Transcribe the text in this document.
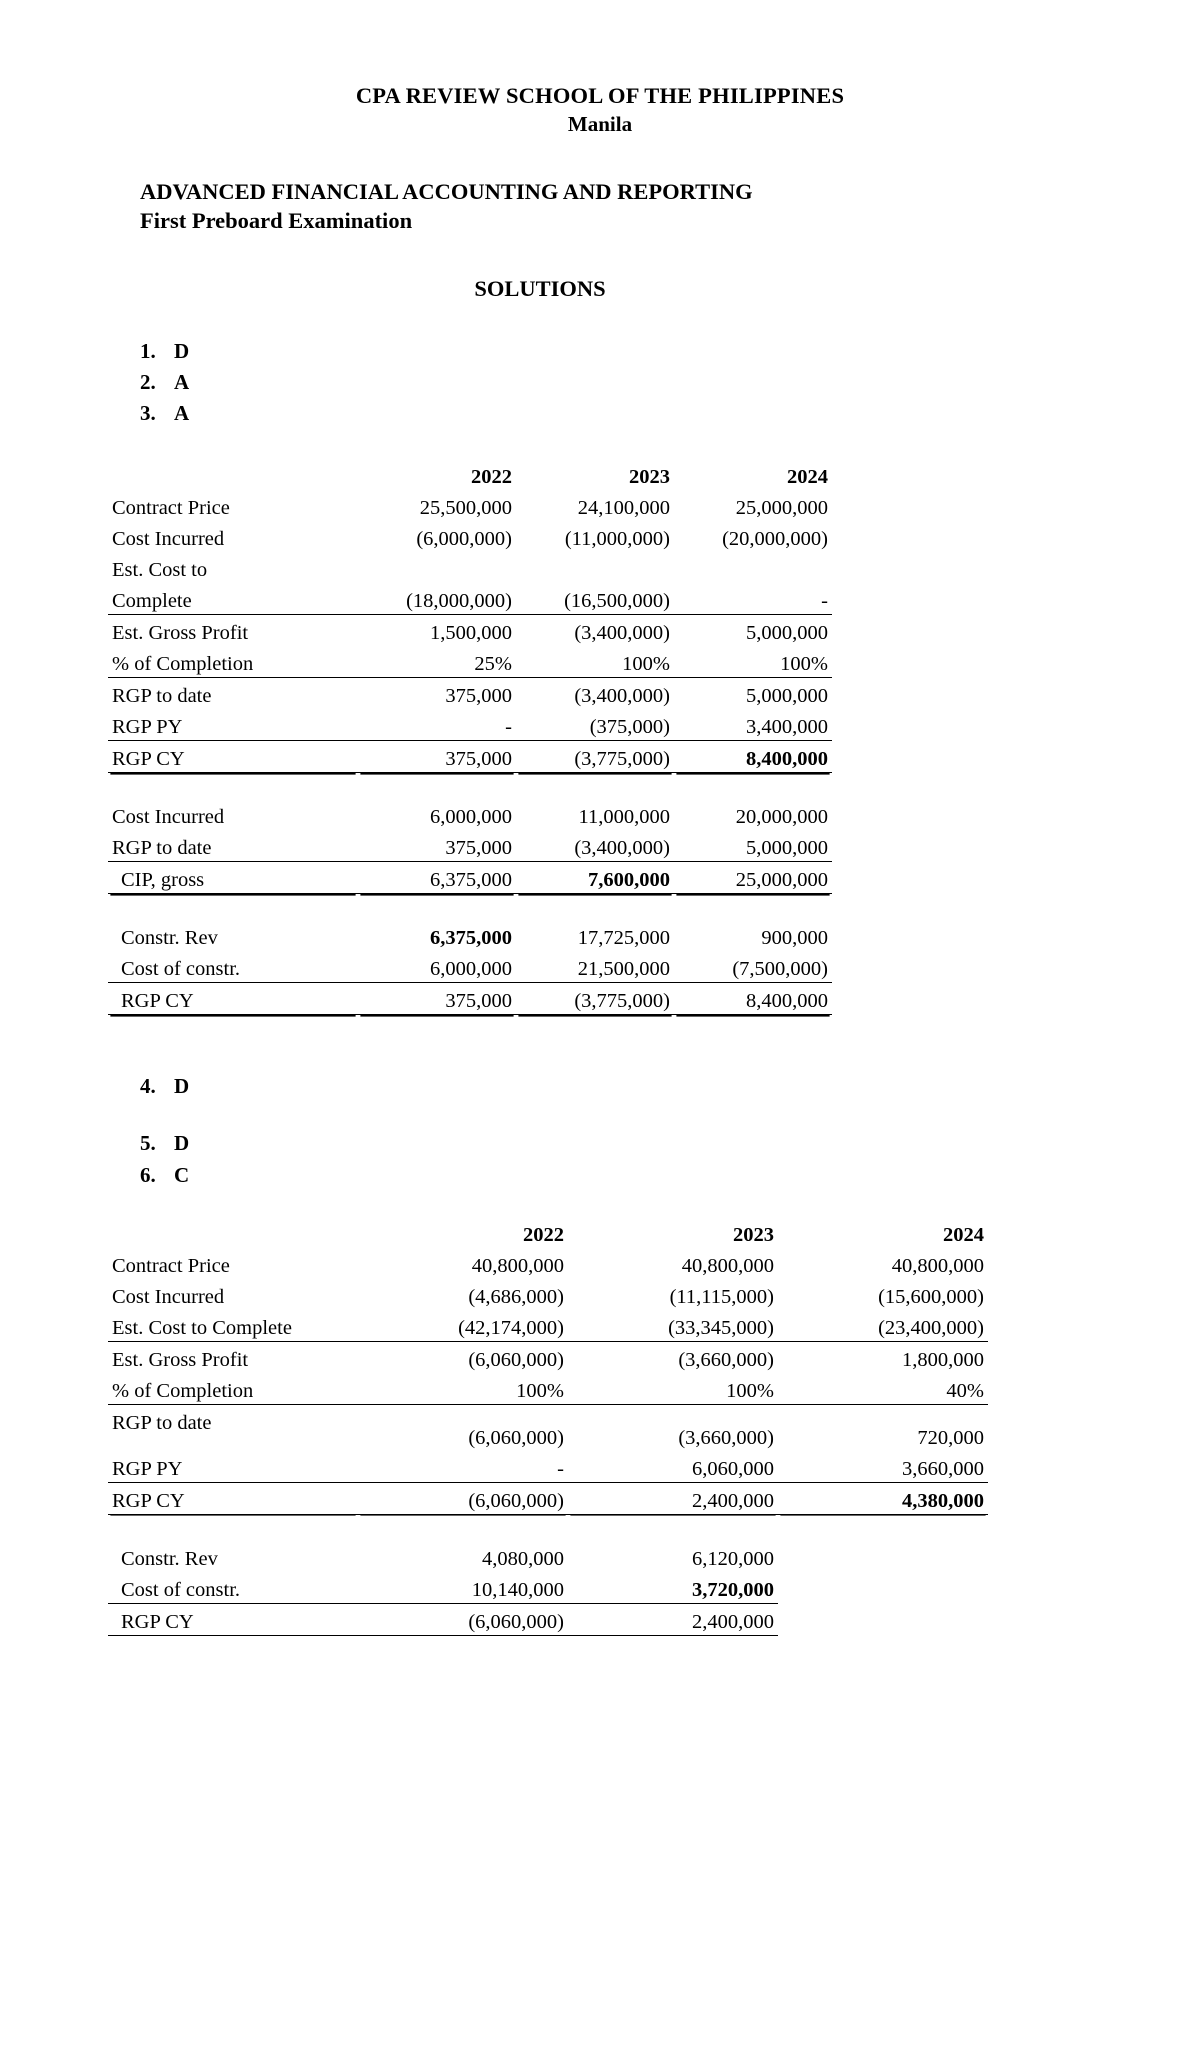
CPA REVIEW SCHOOL OF THE PHILIPPINES
Manila
ADVANCED FINANCIAL ACCOUNTING AND REPORTING
First Preboard Examination
SOLUTIONS
1. D
2. A
3. A
	2022	2023	2024
Contract Price	25,500,000	24,100,000	25,000,000
Cost Incurred	(6,000,000)	(11,000,000)	(20,000,000)
Est. Cost to			
Complete	(18,000,000)	(16,500,000)	-
Est. Gross Profit	1,500,000	(3,400,000)	5,000,000
% of Completion	25%	100%	100%
RGP to date	375,000	(3,400,000)	5,000,000
RGP PY	-	(375,000)	3,400,000
RGP CY	375,000	(3,775,000)	8,400,000

Cost Incurred	6,000,000	11,000,000	20,000,000
RGP to date	375,000	(3,400,000)	5,000,000
CIP, gross	6,375,000	7,600,000	25,000,000

Constr. Rev	6,375,000	17,725,000	900,000
Cost of constr.	6,000,000	21,500,000	(7,500,000)
RGP CY	375,000	(3,775,000)	8,400,000
4. D
5. D
6. C
	2022	2023	2024
Contract Price	40,800,000	40,800,000	40,800,000
Cost Incurred	(4,686,000)	(11,115,000)	(15,600,000)
Est. Cost to Complete	(42,174,000)	(33,345,000)	(23,400,000)
Est. Gross Profit	(6,060,000)	(3,660,000)	1,800,000
% of Completion	100%	100%	40%
RGP to date	(6,060,000)	(3,660,000)	720,000
RGP PY	-	6,060,000	3,660,000
RGP CY	(6,060,000)	2,400,000	4,380,000

Constr. Rev	4,080,000	6,120,000	
Cost of constr.	10,140,000	3,720,000	
RGP CY	(6,060,000)	2,400,000	
